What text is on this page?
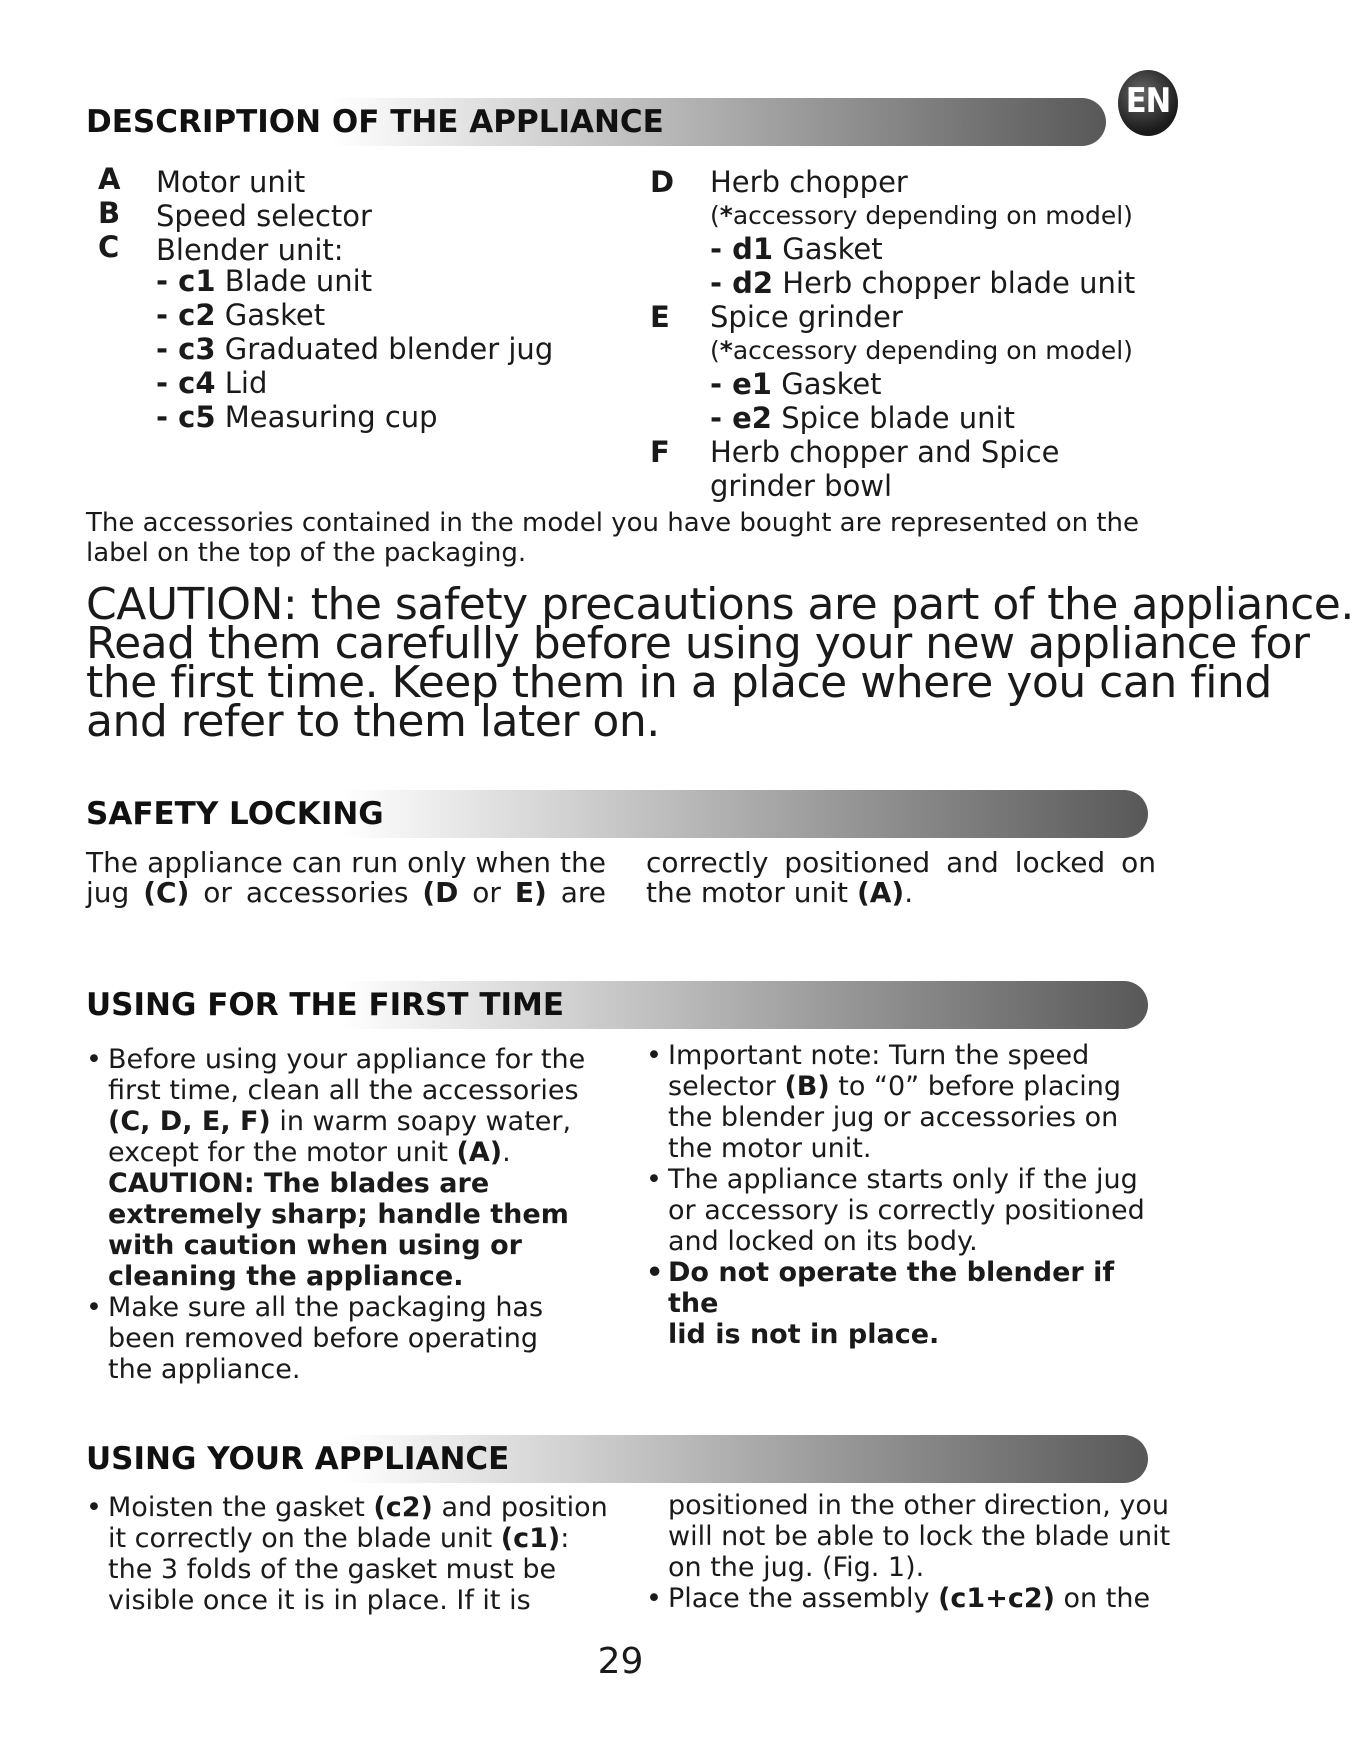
EN
DESCRIPTION OF THE APPLIANCE
A Motor unit
B Speed selector
C Blender unit:
- c1 Blade unit
- c2 Gasket
- c3 Graduated blender jug
- c4 Lid
- c5 Measuring cup
D Herb chopper
(*accessory depending on model)
- d1 Gasket
- d2 Herb chopper blade unit
E Spice grinder
(*accessory depending on model)
- e1 Gasket
- e2 Spice blade unit
F Herb chopper and Spice
grinder bowl
The accessories contained in the model you have bought are represented on the
label on the top of the packaging.
CAUTION: the safety precautions are part of the appliance.
Read them carefully before using your new appliance for
the first time. Keep them in a place where you can find
and refer to them later on.
SAFETY LOCKING
The appliance can run only when the
jug (C) or accessories (D or E) are
correctly positioned and locked on
the motor unit (A).
USING FOR THE FIRST TIME
• Before using your appliance for the
first time, clean all the accessories
(C, D, E, F) in warm soapy water,
except for the motor unit (A).
CAUTION: The blades are
extremely sharp; handle them
with caution when using or
cleaning the appliance.
• Make sure all the packaging has
been removed before operating
the appliance.
• Important note: Turn the speed
selector (B) to “0” before placing
the blender jug or accessories on
the motor unit.
• The appliance starts only if the jug
or accessory is correctly positioned
and locked on its body.
• Do not operate the blender if the
lid is not in place.
USING YOUR APPLIANCE
• Moisten the gasket (c2) and position
it correctly on the blade unit (c1):
the 3 folds of the gasket must be
visible once it is in place. If it is
positioned in the other direction, you
will not be able to lock the blade unit
on the jug. (Fig. 1).
• Place the assembly (c1+c2) on the
29
